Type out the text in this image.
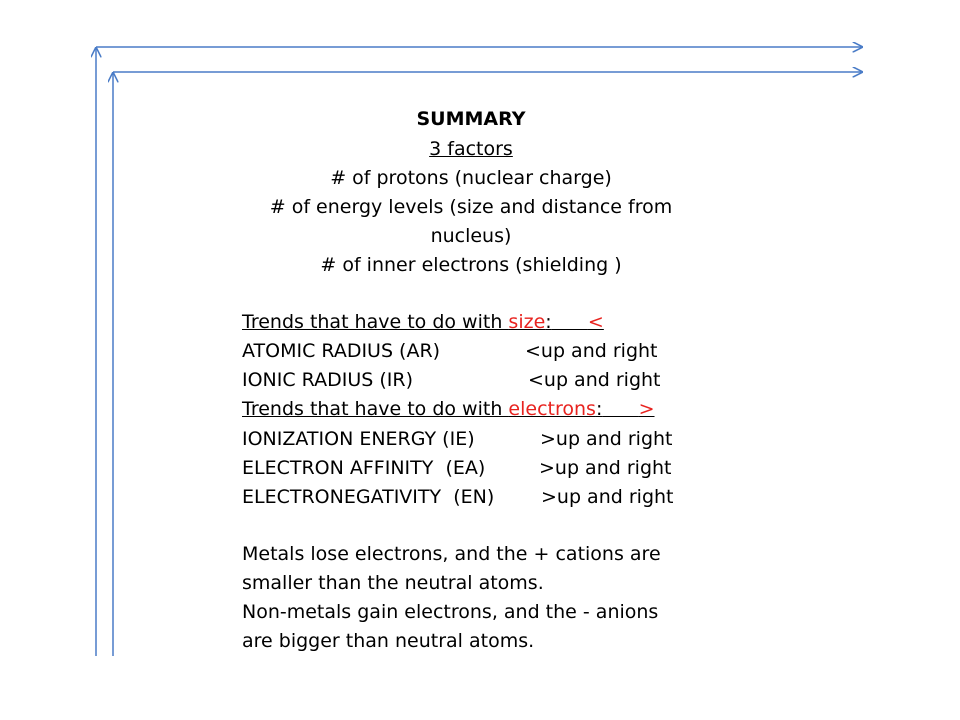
SUMMARY
3 factors
# of protons (nuclear charge)
# of energy levels (size and distance from
nucleus)
# of inner electrons (shielding )
Trends that have to do with size: <
ATOMIC RADIUS (AR)	<up and right
IONIC RADIUS (IR)	<up and right
Trends that have to do with electrons: >
IONIZATION ENERGY (IE)	>up and right
ELECTRON AFFINITY  (EA)	>up and right
ELECTRONEGATIVITY  (EN) >up and right
Metals lose electrons, and the + cations are
smaller than the neutral atoms.
Non-metals gain electrons, and the - anions
are bigger than neutral atoms.
